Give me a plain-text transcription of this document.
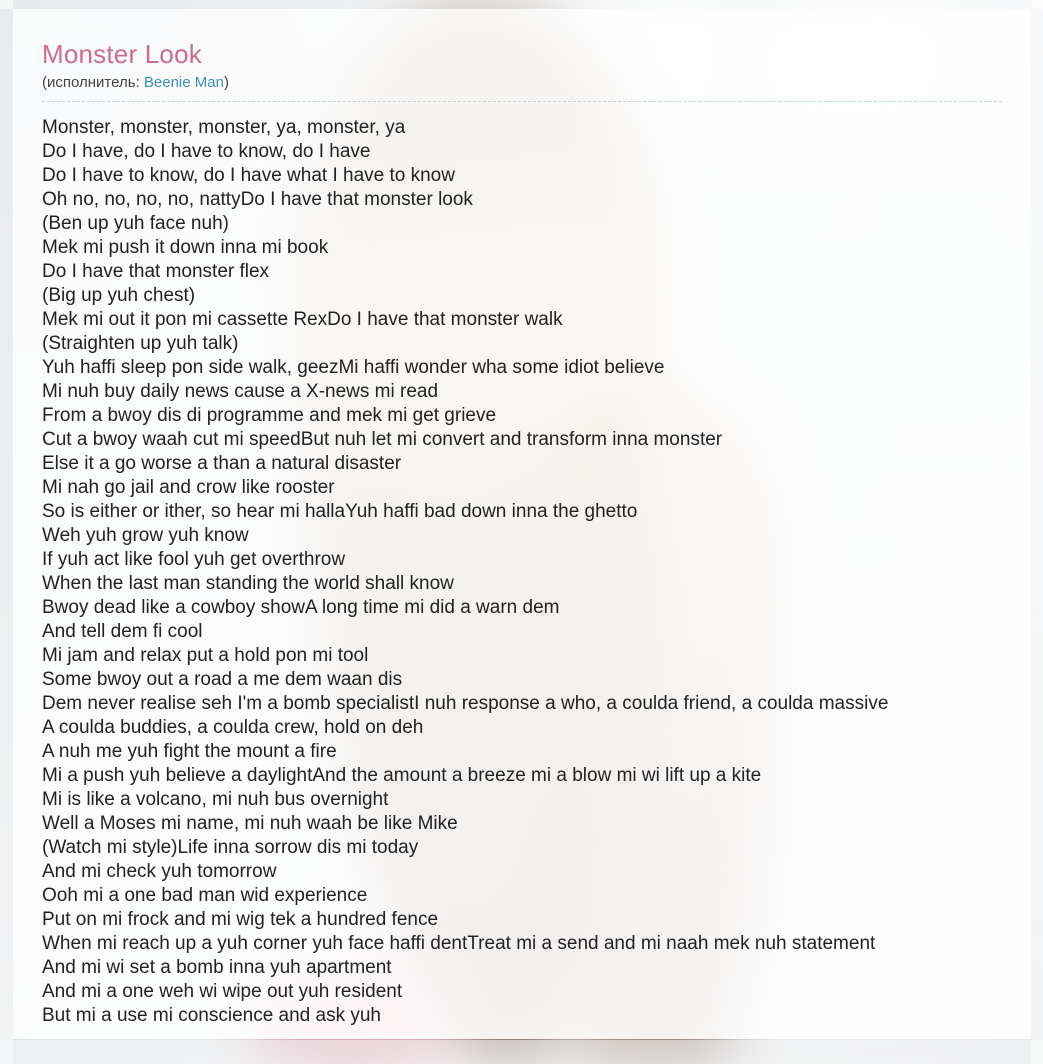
Monster Look
(исполнитель: Beenie Man)
Monster, monster, monster, ya, monster, ya
Do I have, do I have to know, do I have
Do I have to know, do I have what I have to know
Oh no, no, no, no, nattyDo I have that monster look
(Ben up yuh face nuh)
Mek mi push it down inna mi book
Do I have that monster flex
(Big up yuh chest)
Mek mi out it pon mi cassette RexDo I have that monster walk
(Straighten up yuh talk)
Yuh haffi sleep pon side walk, geezMi haffi wonder wha some idiot believe
Mi nuh buy daily news cause a X-news mi read
From a bwoy dis di programme and mek mi get grieve
Cut a bwoy waah cut mi speedBut nuh let mi convert and transform inna monster
Else it a go worse a than a natural disaster
Mi nah go jail and crow like rooster
So is either or ither, so hear mi hallaYuh haffi bad down inna the ghetto
Weh yuh grow yuh know
If yuh act like fool yuh get overthrow
When the last man standing the world shall know
Bwoy dead like a cowboy showA long time mi did a warn dem
And tell dem fi cool
Mi jam and relax put a hold pon mi tool
Some bwoy out a road a me dem waan dis
Dem never realise seh I'm a bomb specialistI nuh response a who, a coulda friend, a coulda massive
A coulda buddies, a coulda crew, hold on deh
A nuh me yuh fight the mount a fire
Mi a push yuh believe a daylightAnd the amount a breeze mi a blow mi wi lift up a kite
Mi is like a volcano, mi nuh bus overnight
Well a Moses mi name, mi nuh waah be like Mike
(Watch mi style)Life inna sorrow dis mi today
And mi check yuh tomorrow
Ooh mi a one bad man wid experience
Put on mi frock and mi wig tek a hundred fence
When mi reach up a yuh corner yuh face haffi dentTreat mi a send and mi naah mek nuh statement
And mi wi set a bomb inna yuh apartment
And mi a one weh wi wipe out yuh resident
But mi a use mi conscience and ask yuh
